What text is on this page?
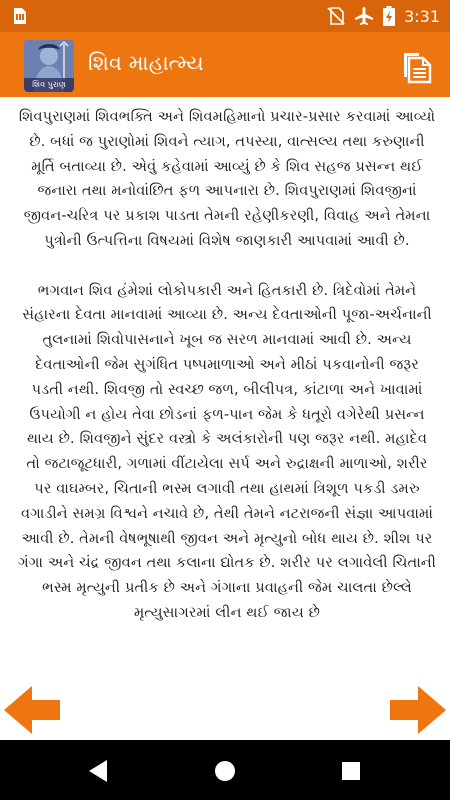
3:31
શિવ પુરાણ
શિવ માહાત્મ્ય

શિવપુરાણમાં શિવભક્તિ અને શિવમહિમાનો પ્રચાર-પ્રસાર કરવામાં આવ્યો છે. બધાં જ પુરાણોમાં શિવને ત્યાગ, તપસ્યા, વાત્સલ્ય તથા કરુણાની મૂર્તિ બતાવ્યા છે. એવું કહેવામાં આવ્યું છે કે શિવ સહજ પ્રસન્ન થઈ જનારા તથા મનોવાંછિત ફળ આપનારા છે. શિવપુરાણમાં શિવજીનાં જીવન-ચરિત્ર પર પ્રકાશ પાડતા તેમની રહેણીકરણી, વિવાહ અને તેમના પુત્રોની ઉત્પત્તિના વિષયમાં વિશેષ જાણકારી આપવામાં આવી છે.

ભગવાન શિવ હંમેશાં લોકોપકારી અને હિતકારી છે. ત્રિદેવોમાં તેમને સંહારના દેવતા માનવામાં આવ્યા છે. અન્ય દેવતાઓની પૂજા-અર્ચનાની તુલનામાં શિવોપાસનાને ખૂબ જ સરળ માનવામાં આવી છે. અન્ય દેવતાઓની જેમ સુગંધિત પષ્પમાળાઓ અને મીઠાં પકવાનોની જરૂર પડતી નથી. શિવજી તો સ્વચ્છ જળ, બીલીપત્ર, કાંટાળા અને ખાવામાં ઉપયોગી ન હોય તેવા છોડનાં ફળ-પાન જેમ કે ધતૂરો વગેરેથી પ્રસન્ન થાય છે. શિવજીને સુંદર વસ્ત્રો કે અલંકારોની પણ જરૂર નથી. મહાદેવ તો જટાજૂટધારી, ગળામાં વીંટાયેલા સર્પ અને રુદ્રાક્ષની માળાઓ, શરીર પર વાઘમ્બર, ચિતાની ભસ્મ લગાવી તથા હાથમાં ત્રિશૂળ પકડી ડમરુ વગાડીને સમગ્ર વિશ્વને નચાવે છે, તેથી તેમને નટરાજની સંજ્ઞા આપવામાં આવી છે. તેમની વેષભૂષાથી જીવન અને મૃત્યુનો બોધ થાય છે. શીશ પર ગંગા અને ચંદ્ર જીવન તથા કલાના દ્યોતક છે. શરીર પર લગાવેલી ચિતાની ભસ્મ મૃત્યુની પ્રતીક છે અને ગંગાના પ્રવાહની જેમ ચાલતા છેલ્લે મૃત્યુસાગરમાં લીન થઈ જાય છે
